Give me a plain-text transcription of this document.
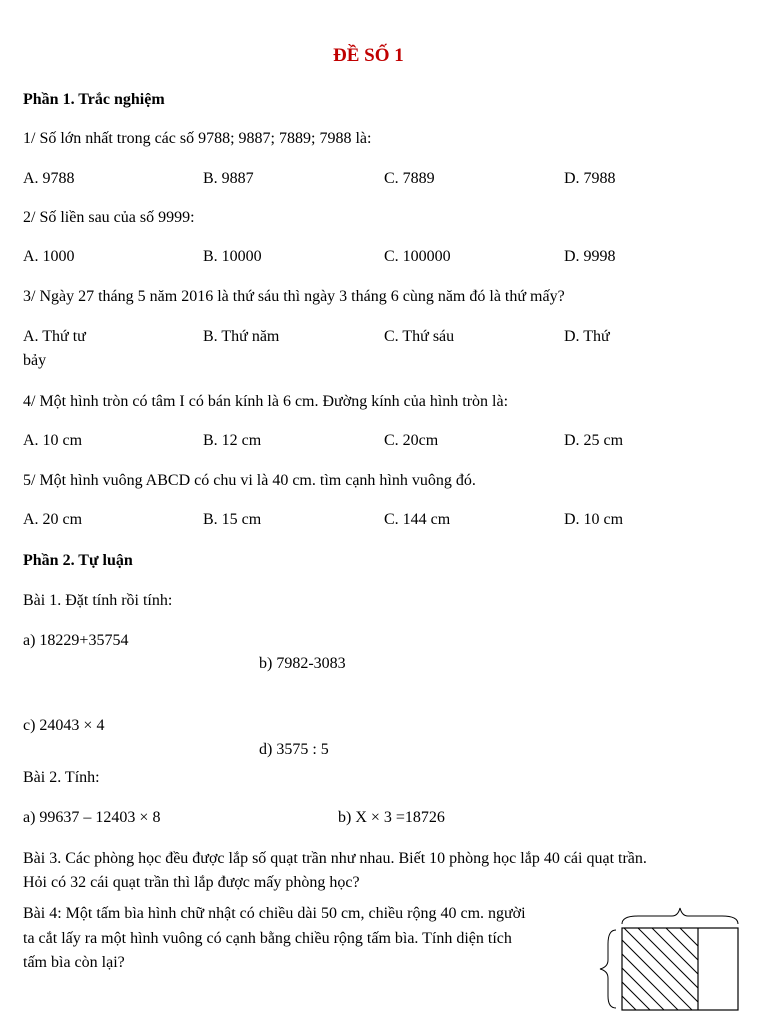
ĐỀ SỐ 1
Phần 1. Trắc nghiệm
1/ Số lớn nhất trong các số 9788; 9887; 7889; 7988 là:
A. 9788	B. 9887	C. 7889	D. 7988
2/ Số liền sau của số 9999:
A. 1000	B. 10000	C. 100000	D. 9998
3/ Ngày 27 tháng 5 năm 2016 là thứ sáu thì ngày 3 tháng 6 cùng năm đó là thứ mấy?
A. Thứ tư	B. Thứ năm	C. Thứ sáu	D. Thứ
bảy
4/ Một hình tròn có tâm I có bán kính là 6 cm. Đường kính của hình tròn là:
A. 10 cm	B. 12 cm	C. 20cm	D. 25 cm
5/ Một hình vuông ABCD có chu vi là 40 cm. tìm cạnh hình vuông đó.
A. 20 cm	B. 15 cm	C. 144 cm	D. 10 cm
Phần 2. Tự luận
Bài 1. Đặt tính rồi tính:
a) 18229+35754
b) 7982-3083
c) 24043 × 4
d) 3575 : 5
Bài 2. Tính:
a) 99637 – 12403 × 8	b) X × 3 =18726
Bài 3. Các phòng học đều được lắp số quạt trần như nhau. Biết 10 phòng học lắp 40 cái quạt trần.
Hỏi có 32 cái quạt trần thì lắp được mấy phòng học?
Bài 4: Một tấm bìa hình chữ nhật có chiều dài 50 cm, chiều rộng 40 cm. người
ta cắt lấy ra một hình vuông có cạnh bằng chiều rộng tấm bìa. Tính diện tích
tấm bìa còn lại?
